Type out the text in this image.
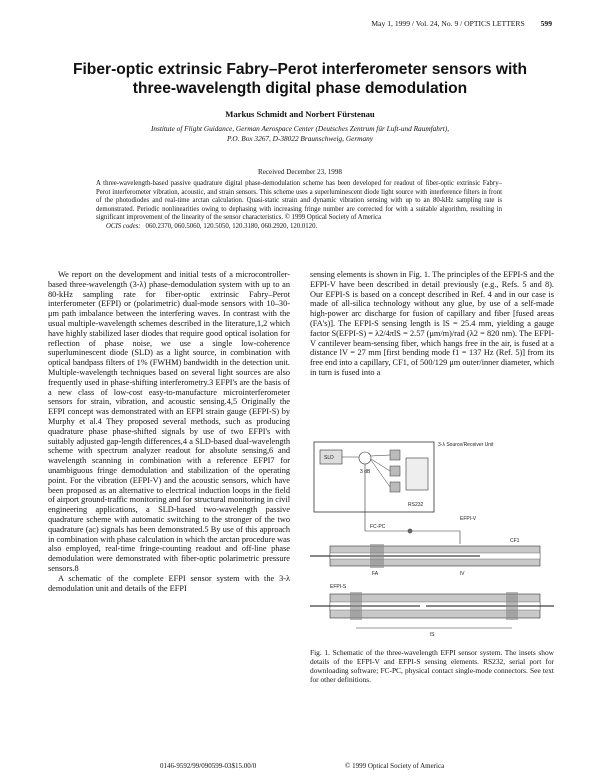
May 1, 1999 / Vol. 24, No. 9 / OPTICS LETTERS 599
Fiber-optic extrinsic Fabry–Perot interferometer sensors with
three-wavelength digital phase demodulation
Markus Schmidt and Norbert Fürstenau
Institute of Flight Guidance, German Aerospace Center (Deutsches Zentrum für Luft-und Raumfahrt),
P.O. Box 3267, D-38022 Braunschweig, Germany
Received December 23, 1998
A three-wavelength-based passive quadrature digital phase-demodulation scheme has been developed for readout of fiber-optic extrinsic Fabry–Perot interferometer vibration, acoustic, and strain sensors. This scheme uses a superluminescent diode light source with interference filters in front of the photodiodes and real-time arctan calculation. Quasi-static strain and dynamic vibration sensing with up to an 80-kHz sampling rate is demonstrated. Periodic nonlinearities owing to dephasing with increasing fringe number are corrected for with a suitable algorithm, resulting in significant improvement of the linearity of the sensor characteristics. © 1999 Optical Society of America
OCIS codes: 060.2370, 060.5060, 120.5050, 120.3180, 060.2920, 120.0120.

We report on the development and initial tests of a microcontroller-based three-wavelength (3-λ) phase-demodulation system with up to an 80-kHz sampling rate for fiber-optic extrinsic Fabry–Perot interferometer (EFPI) or (polarimetric) dual-mode sensors with 10–30-μm path imbalance between the interfering waves. In contrast with the usual multiple-wavelength schemes described in the literature,1,2 which have highly stabilized laser diodes that require good optical isolation for reflection of phase noise, we use a single low-coherence superluminescent diode (SLD) as a light source, in combination with optical bandpass filters of 1% (FWHM) bandwidth in the detection unit. Multiple-wavelength techniques based on several light sources are also frequently used in phase-shifting interferometry.3 EFPI's are the basis of a new class of low-cost easy-to-manufacture microinterferometer sensors for strain, vibration, and acoustic sensing.4,5 Originally the EFPI concept was demonstrated with an EFPI strain gauge (EFPI-S) by Murphy et al.4 They proposed several methods, such as producing quadrature phase phase-shifted signals by use of two EFPI's with suitably adjusted gap-length differences,4 a SLD-based dual-wavelength scheme with spectrum analyzer readout for absolute sensing,6 and wavelength scanning in combination with a reference EFPI7 for unambiguous fringe demodulation and stabilization of the operating point. For the vibration (EFPI-V) and the acoustic sensors, which have been proposed as an alternative to electrical induction loops in the field of airport ground-traffic monitoring and for structural monitoring in civil engineering applications, a SLD-based two-wavelength passive quadrature scheme with automatic switching to the stronger of the two quadrature (ac) signals has been demonstrated.5 By use of this approach in combination with phase calculation in which the arctan procedure was also employed, real-time fringe-counting readout and off-line phase demodulation were demonstrated with fiber-optic polarimetric pressure sensors.8

A schematic of the complete EFPI sensor system with the 3-λ demodulation unit and details of the EFPI

sensing elements is shown in Fig. 1. The principles of the EFPI-S and the EFPI-V have been described in detail previously (e.g., Refs. 5 and 8). Our EFPI-S is based on a concept described in Ref. 4 and in our case is made of all-silica technology without any glue, by use of a self-made high-power arc discharge for fusion of capillary and fiber [fused areas (FA's)]. The EFPI-S sensing length is lS = 25.4 mm, yielding a gauge factor S(EFPI-S) = λ2/4πlS = 2.57 (μm/m)/rad (λ2 = 820 nm). The EFPI-V cantilever beam-sensing fiber, which hangs free in the air, is fused at a distance lV = 27 mm [first bending mode f1 = 137 Hz (Ref. 5)] from its free end into a capillary, CF1, of 500/129 μm outer/inner diameter, which in turn is fused into a

3-λ Source/Receiver Unit
SLD
3 dB
RS232
FC-PC
EFPI-V
FA	lV
CF1
EFPI-S
lS
Fig. 1. Schematic of the three-wavelength EFPI sensor system. The insets show details of the EFPI-V and EFPI-S sensing elements. RS232, serial port for downloading software; FC-PC, physical contact single-mode connectors. See text for other definitions.
0146-9592/99/090599-03$15.00/0	© 1999 Optical Society of America
